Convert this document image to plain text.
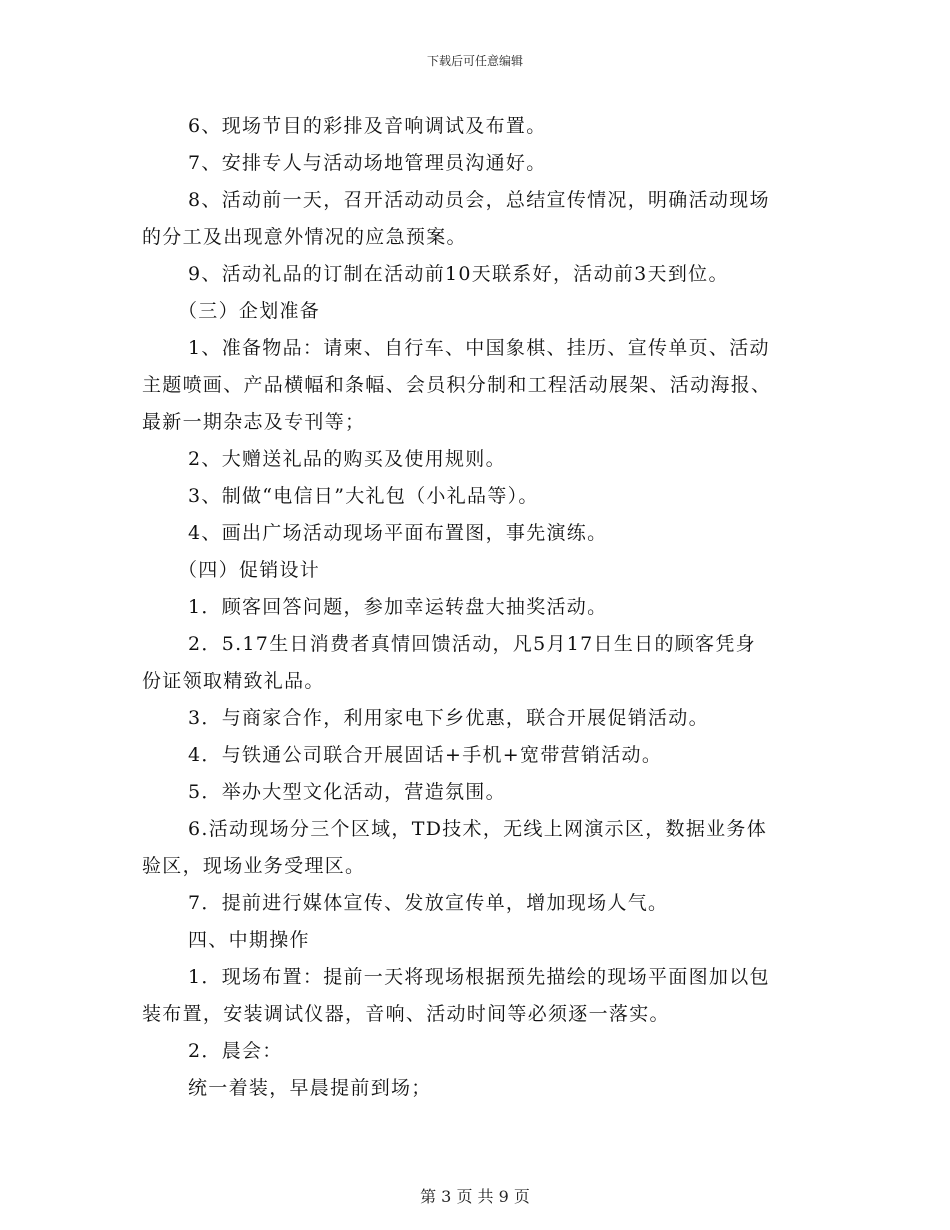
下载后可任意编辑
6、现场节目的彩排及音响调试及布置。
7、安排专人与活动场地管理员沟通好。
8、活动前一天，召开活动动员会，总结宣传情况，明确活动现场
的分工及出现意外情况的应急预案。
9、活动礼品的订制在活动前10天联系好，活动前3天到位。
（三）企划准备
1、准备物品：请柬、自行车、中国象棋、挂历、宣传单页、活动
主题喷画、产品横幅和条幅、会员积分制和工程活动展架、活动海报、
最新一期杂志及专刊等；
2、大赠送礼品的购买及使用规则。
3、制做“电信日”大礼包（小礼品等）。
4、画出广场活动现场平面布置图，事先演练。
（四）促销设计
1．顾客回答问题，参加幸运转盘大抽奖活动。
2．5.17生日消费者真情回馈活动，凡5月17日生日的顾客凭身
份证领取精致礼品。
3．与商家合作，利用家电下乡优惠，联合开展促销活动。
4．与铁通公司联合开展固话+手机+宽带营销活动。
5．举办大型文化活动，营造氛围。
6.活动现场分三个区域，TD技术，无线上网演示区，数据业务体
验区，现场业务受理区。
7．提前进行媒体宣传、发放宣传单，增加现场人气。
四、中期操作
1．现场布置：提前一天将现场根据预先描绘的现场平面图加以包
装布置，安装调试仪器，音响、活动时间等必须逐一落实。
2．晨会：
统一着装，早晨提前到场；
第 3 页 共 9 页
